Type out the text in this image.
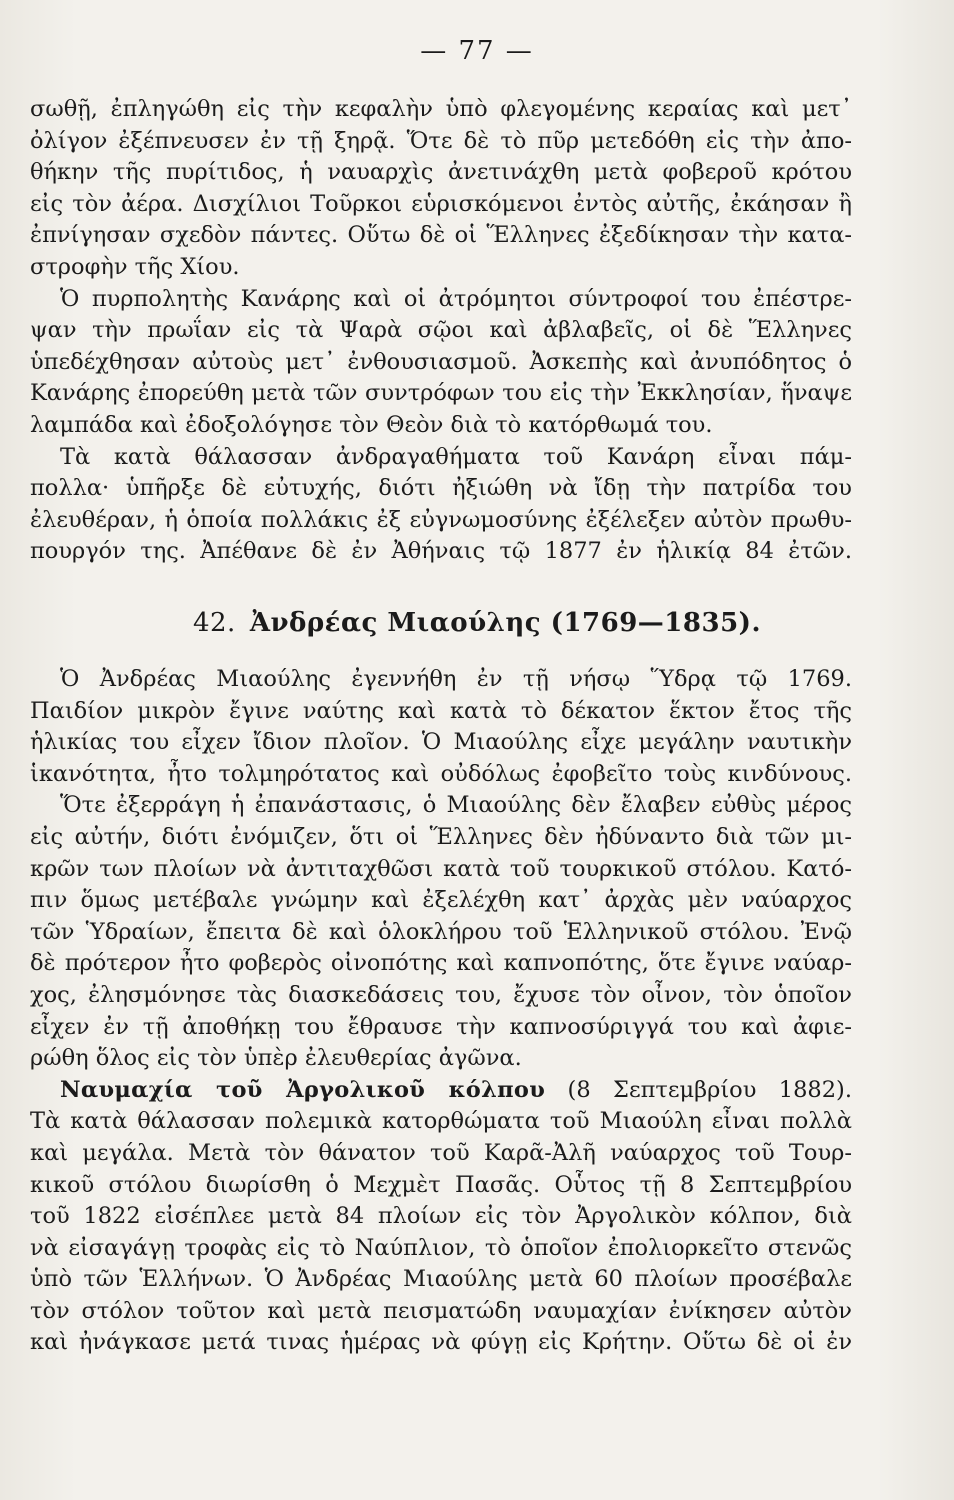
— 77 —
σωθῇ, ἐπληγώθη εἰς τὴν κεφαλὴν ὑπὸ φλεγομένης κεραίας καὶ μετ᾽
ὀλίγον ἐξέπνευσεν ἐν τῇ ξηρᾷ. Ὅτε δὲ τὸ πῦρ μετεδόθη εἰς τὴν ἀπο-
θήκην τῆς πυρίτιδος, ἡ ναυαρχὶς ἀνετινάχθη μετὰ φοβεροῦ κρότου
εἰς τὸν ἀέρα. Δισχίλιοι Τοῦρκοι εὑρισκόμενοι ἐντὸς αὐτῆς, ἐκάησαν ἢ
ἐπνίγησαν σχεδὸν πάντες. Οὕτω δὲ οἱ Ἕλληνες ἐξεδίκησαν τὴν κατα-
στροφὴν τῆς Χίου.
Ὁ πυρπολητὴς Κανάρης καὶ οἱ ἀτρόμητοι σύντροφοί του ἐπέστρε-
ψαν τὴν πρωΐαν εἰς τὰ Ψαρὰ σῷοι καὶ ἀβλαβεῖς, οἱ δὲ Ἕλληνες
ὑπεδέχθησαν αὐτοὺς μετ᾽ ἐνθουσιασμοῦ. Ἀσκεπὴς καὶ ἀνυπόδητος ὁ
Κανάρης ἐπορεύθη μετὰ τῶν συντρόφων του εἰς τὴν Ἐκκλησίαν, ἥναψε
λαμπάδα καὶ ἐδοξολόγησε τὸν Θεὸν διὰ τὸ κατόρθωμά του.
Τὰ κατὰ θάλασσαν ἀνδραγαθήματα τοῦ Κανάρη εἶναι πάμ-
πολλα· ὑπῆρξε δὲ εὐτυχής, διότι ἠξιώθη νὰ ἴδῃ τὴν πατρίδα του
ἐλευθέραν, ἡ ὁποία πολλάκις ἐξ εὐγνωμοσύνης ἐξέλεξεν αὐτὸν πρωθυ-
πουργόν της. Ἀπέθανε δὲ ἐν Ἀθήναις τῷ 1877 ἐν ἡλικίᾳ 84 ἐτῶν.
42. Ἀνδρέας Μιαούλης (1769—1835).
Ὁ Ἀνδρέας Μιαούλης ἐγεννήθη ἐν τῇ νήσῳ Ὕδρᾳ τῷ 1769.
Παιδίον μικρὸν ἔγινε ναύτης καὶ κατὰ τὸ δέκατον ἕκτον ἔτος τῆς
ἡλικίας του εἶχεν ἴδιον πλοῖον. Ὁ Μιαούλης εἶχε μεγάλην ναυτικὴν
ἱκανότητα, ἦτο τολμηρότατος καὶ οὐδόλως ἐφοβεῖτο τοὺς κινδύνους.
Ὅτε ἐξερράγη ἡ ἐπανάστασις, ὁ Μιαούλης δὲν ἔλαβεν εὐθὺς μέρος
εἰς αὐτήν, διότι ἐνόμιζεν, ὅτι οἱ Ἕλληνες δὲν ἠδύναντο διὰ τῶν μι-
κρῶν των πλοίων νὰ ἀντιταχθῶσι κατὰ τοῦ τουρκικοῦ στόλου. Κατό-
πιν ὅμως μετέβαλε γνώμην καὶ ἐξελέχθη κατ᾽ ἀρχὰς μὲν ναύαρχος
τῶν Ὑδραίων, ἔπειτα δὲ καὶ ὁλοκλήρου τοῦ Ἑλληνικοῦ στόλου. Ἐνῷ
δὲ πρότερον ἦτο φοβερὸς οἰνοπότης καὶ καπνοπότης, ὅτε ἔγινε ναύαρ-
χος, ἐλησμόνησε τὰς διασκεδάσεις του, ἔχυσε τὸν οἶνον, τὸν ὁποῖον
εἶχεν ἐν τῇ ἀποθήκῃ του ἔθραυσε τὴν καπνοσύριγγά του καὶ ἀφιε-
ρώθη ὅλος εἰς τὸν ὑπὲρ ἐλευθερίας ἀγῶνα.
Ναυμαχία τοῦ Ἀργολικοῦ κόλπου (8 Σεπτεμβρίου 1882).
Τὰ κατὰ θάλασσαν πολεμικὰ κατορθώματα τοῦ Μιαούλη εἶναι πολλὰ
καὶ μεγάλα. Μετὰ τὸν θάνατον τοῦ Καρᾶ-Ἀλῆ ναύαρχος τοῦ Τουρ-
κικοῦ στόλου διωρίσθη ὁ Μεχμὲτ Πασᾶς. Οὗτος τῇ 8 Σεπτεμβρίου
τοῦ 1822 εἰσέπλεε μετὰ 84 πλοίων εἰς τὸν Ἀργολικὸν κόλπον, διὰ
νὰ εἰσαγάγῃ τροφὰς εἰς τὸ Ναύπλιον, τὸ ὁποῖον ἐπολιορκεῖτο στενῶς
ὑπὸ τῶν Ἑλλήνων. Ὁ Ἀνδρέας Μιαούλης μετὰ 60 πλοίων προσέβαλε
τὸν στόλον τοῦτον καὶ μετὰ πεισματώδη ναυμαχίαν ἐνίκησεν αὐτὸν
καὶ ἠνάγκασε μετά τινας ἡμέρας νὰ φύγῃ εἰς Κρήτην. Οὕτω δὲ οἱ ἐν
